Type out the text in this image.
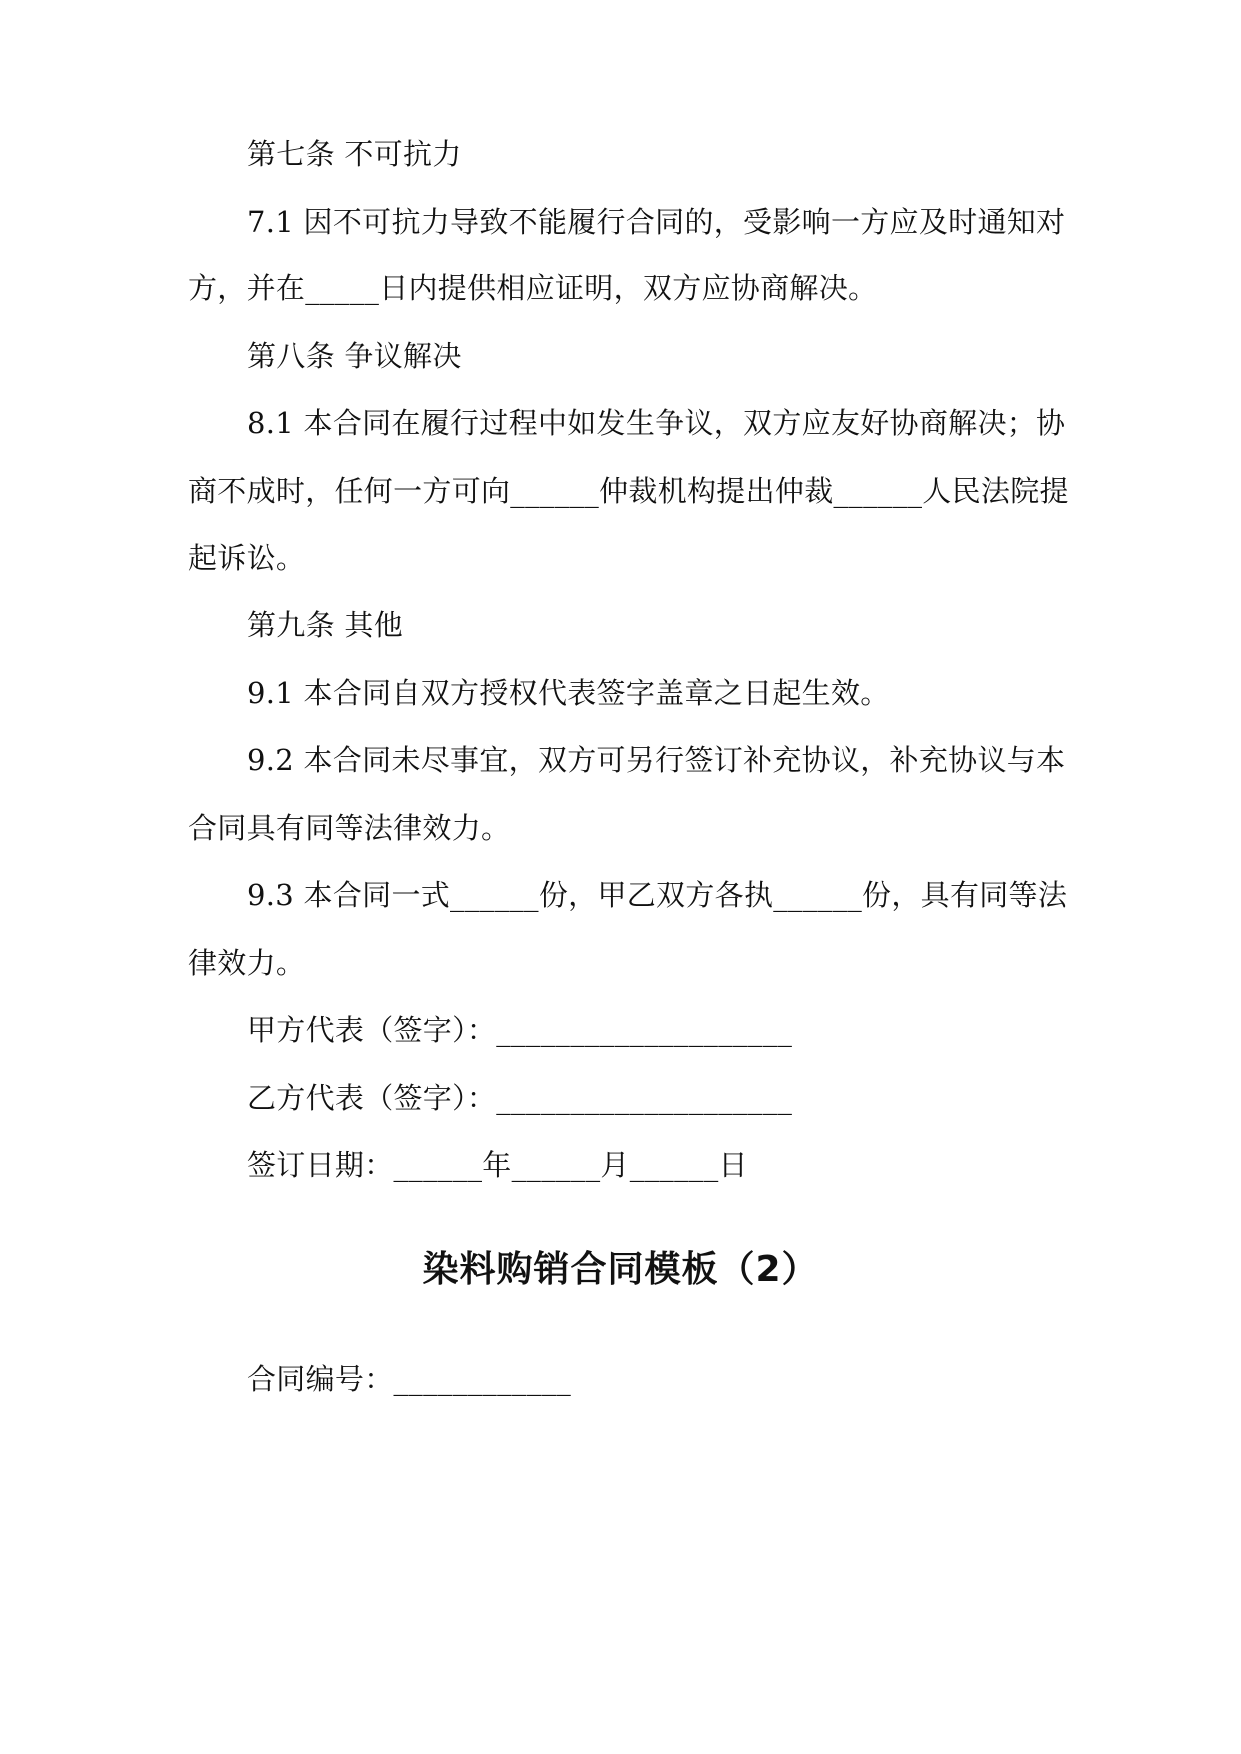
第七条 不可抗力
7.1 因不可抗力导致不能履行合同的，受影响一方应及时通知对
方，并在_____日内提供相应证明，双方应协商解决。
第八条 争议解决
8.1 本合同在履行过程中如发生争议，双方应友好协商解决；协
商不成时，任何一方可向______仲裁机构提出仲裁______人民法院提
起诉讼。
第九条 其他
9.1 本合同自双方授权代表签字盖章之日起生效。
9.2 本合同未尽事宜，双方可另行签订补充协议，补充协议与本
合同具有同等法律效力。
9.3 本合同一式______份，甲乙双方各执______份，具有同等法
律效力。
甲方代表（签字）：____________________
乙方代表（签字）：____________________
签订日期：______年______月______日
染料购销合同模板（2）
合同编号：____________
